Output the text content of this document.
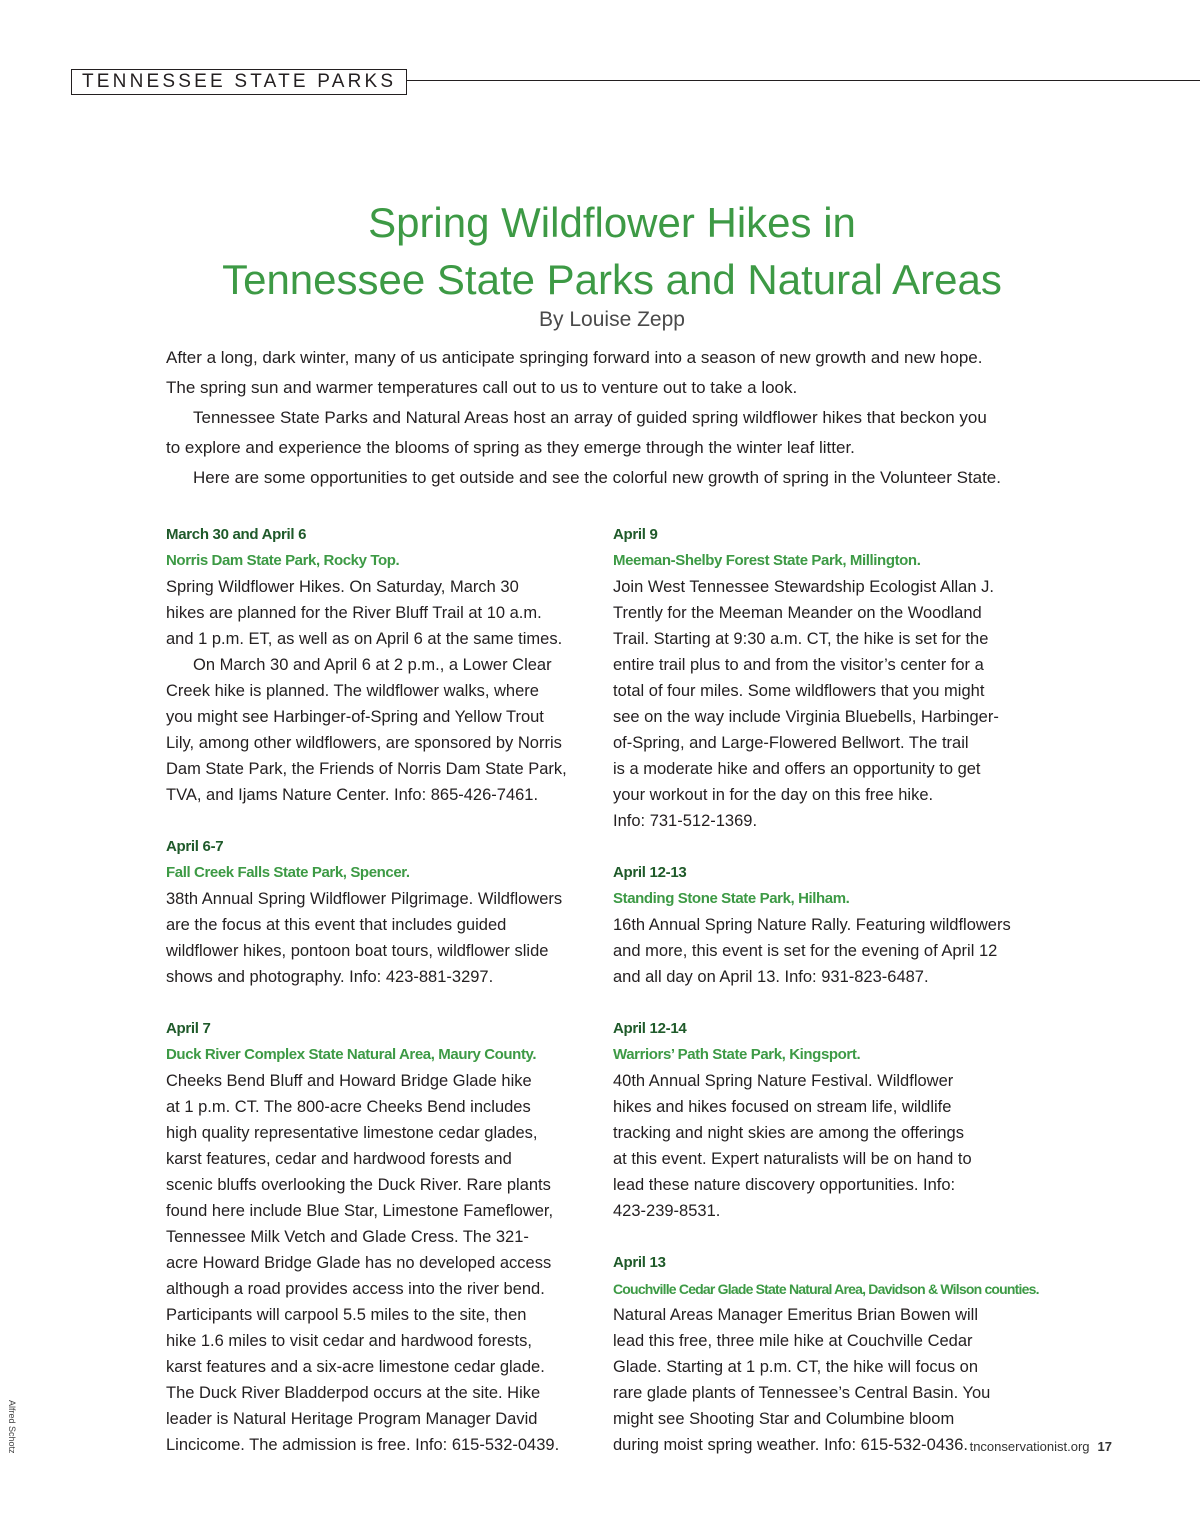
TENNESSEE STATE PARKS
Spring Wildflower Hikes in
Tennessee State Parks and Natural Areas
By Louise Zepp

After a long, dark winter, many of us anticipate springing forward into a season of new growth and new hope.

The spring sun and warmer temperatures call out to us to venture out to take a look.

Tennessee State Parks and Natural Areas host an array of guided spring wildflower hikes that beckon you

to explore and experience the blooms of spring as they emerge through the winter leaf litter.

Here are some opportunities to get outside and see the colorful new growth of spring in the Volunteer State.

March 30 and April 6
Norris Dam State Park, Rocky Top.
Spring Wildflower Hikes. On Saturday, March 30
hikes are planned for the River Bluff Trail at 10 a.m.
and 1 p.m. ET, as well as on April 6 at the same times.
On March 30 and April 6 at 2 p.m., a Lower Clear
Creek hike is planned. The wildflower walks, where
you might see Harbinger-of-Spring and Yellow Trout
Lily, among other wildflowers, are sponsored by Norris
Dam State Park, the Friends of Norris Dam State Park,
TVA, and Ijams Nature Center. Info: 865-426-7461.
April 6-7
Fall Creek Falls State Park, Spencer.
38th Annual Spring Wildflower Pilgrimage. Wildflowers
are the focus at this event that includes guided
wildflower hikes, pontoon boat tours, wildflower slide
shows and photography. Info: 423-881-3297.
April 7
Duck River Complex State Natural Area, Maury County.
Cheeks Bend Bluff and Howard Bridge Glade hike
at 1 p.m. CT. The 800-acre Cheeks Bend includes
high quality representative limestone cedar glades,
karst features, cedar and hardwood forests and
scenic bluffs overlooking the Duck River. Rare plants
found here include Blue Star, Limestone Fameflower,
Tennessee Milk Vetch and Glade Cress. The 321-
acre Howard Bridge Glade has no developed access
although a road provides access into the river bend.
Participants will carpool 5.5 miles to the site, then
hike 1.6 miles to visit cedar and hardwood forests,
karst features and a six-acre limestone cedar glade.
The Duck River Bladderpod occurs at the site. Hike
leader is Natural Heritage Program Manager David
Lincicome. The admission is free. Info: 615-532-0439.
April 9
Meeman-Shelby Forest State Park, Millington.
Join West Tennessee Stewardship Ecologist Allan J.
Trently for the Meeman Meander on the Woodland
Trail. Starting at 9:30 a.m. CT, the hike is set for the
entire trail plus to and from the visitor’s center for a
total of four miles. Some wildflowers that you might
see on the way include Virginia Bluebells, Harbinger-
of-Spring, and Large-Flowered Bellwort. The trail
is a moderate hike and offers an opportunity to get
your workout in for the day on this free hike.
Info: 731-512-1369.
April 12-13
Standing Stone State Park, Hilham.
16th Annual Spring Nature Rally. Featuring wildflowers
and more, this event is set for the evening of April 12
and all day on April 13. Info: 931-823-6487.
April 12-14
Warriors’ Path State Park, Kingsport.
40th Annual Spring Nature Festival. Wildflower
hikes and hikes focused on stream life, wildlife
tracking and night skies are among the offerings
at this event. Expert naturalists will be on hand to
lead these nature discovery opportunities. Info:
423-239-8531.
April 13
Couchville Cedar Glade State Natural Area, Davidson & Wilson counties.
Natural Areas Manager Emeritus Brian Bowen will
lead this free, three mile hike at Couchville Cedar
Glade. Starting at 1 p.m. CT, the hike will focus on
rare glade plants of Tennessee’s Central Basin. You
might see Shooting Star and Columbine bloom
during moist spring weather. Info: 615-532-0436.
Alfred Schotz	tnconservationist.org 17
